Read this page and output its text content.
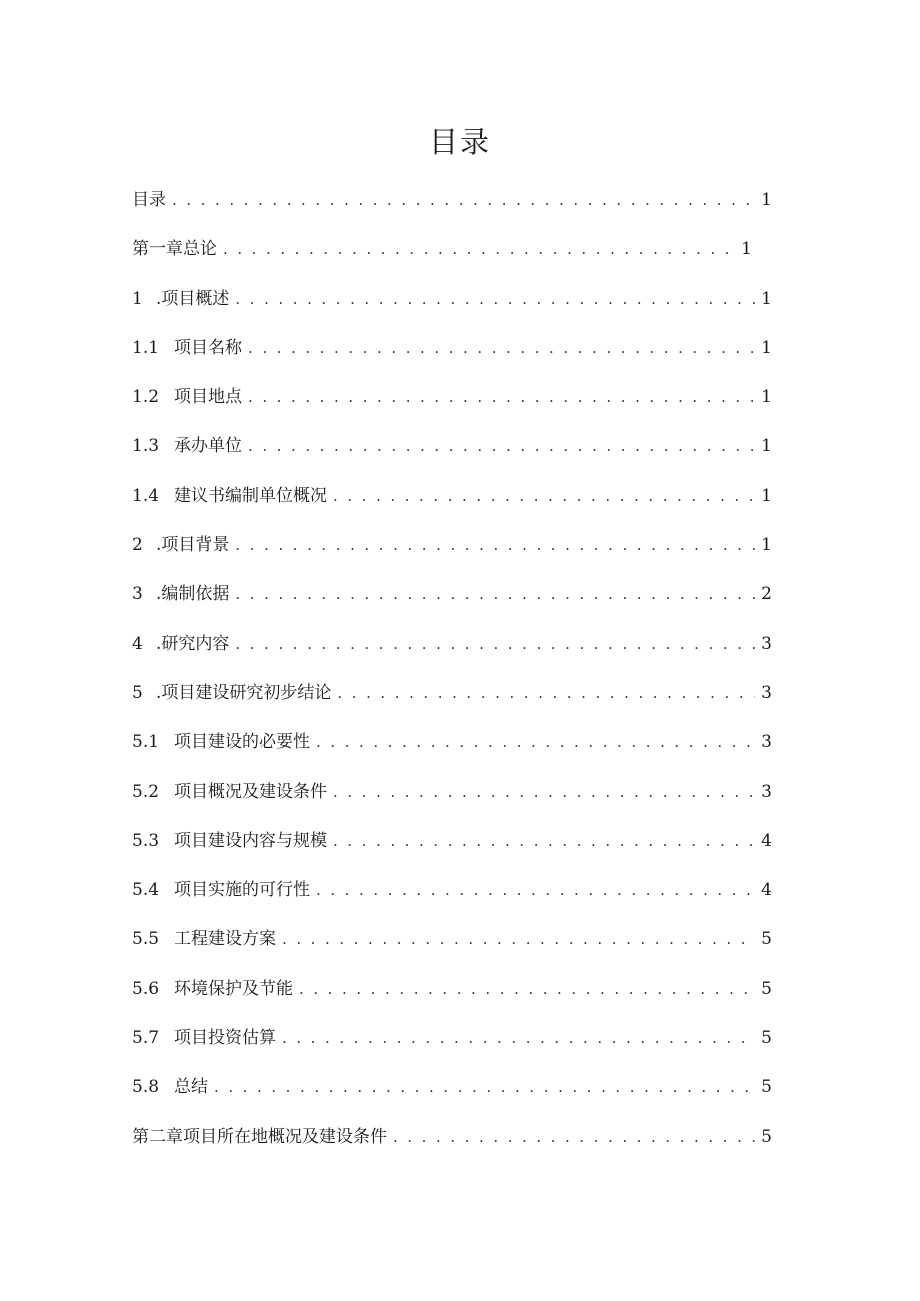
目录
目录 . . .	1
第一章总论 . . .	1
1 .项目概述 . . .	1
1.1 项目名称 . . .	1
1.2 项目地点 . . .	1
1.3 承办单位 . . .	1
1.4 建议书编制单位概况 . . .	1
2 .项目背景 . . .	1
3 .编制依据 . . .	2
4 .研究内容 . . .	3
5 .项目建设研究初步结论 . . .	3
5.1 项目建设的必要性 . . .	3
5.2 项目概况及建设条件 . . .	3
5.3 项目建设内容与规模 . . .	4
5.4 项目实施的可行性 . . .	4
5.5 工程建设方案 . . .	5
5.6 环境保护及节能 . . .	5
5.7 项目投资估算 . . .	5
5.8 总结 . . .	5
第二章项目所在地概况及建设条件 . . .	5
